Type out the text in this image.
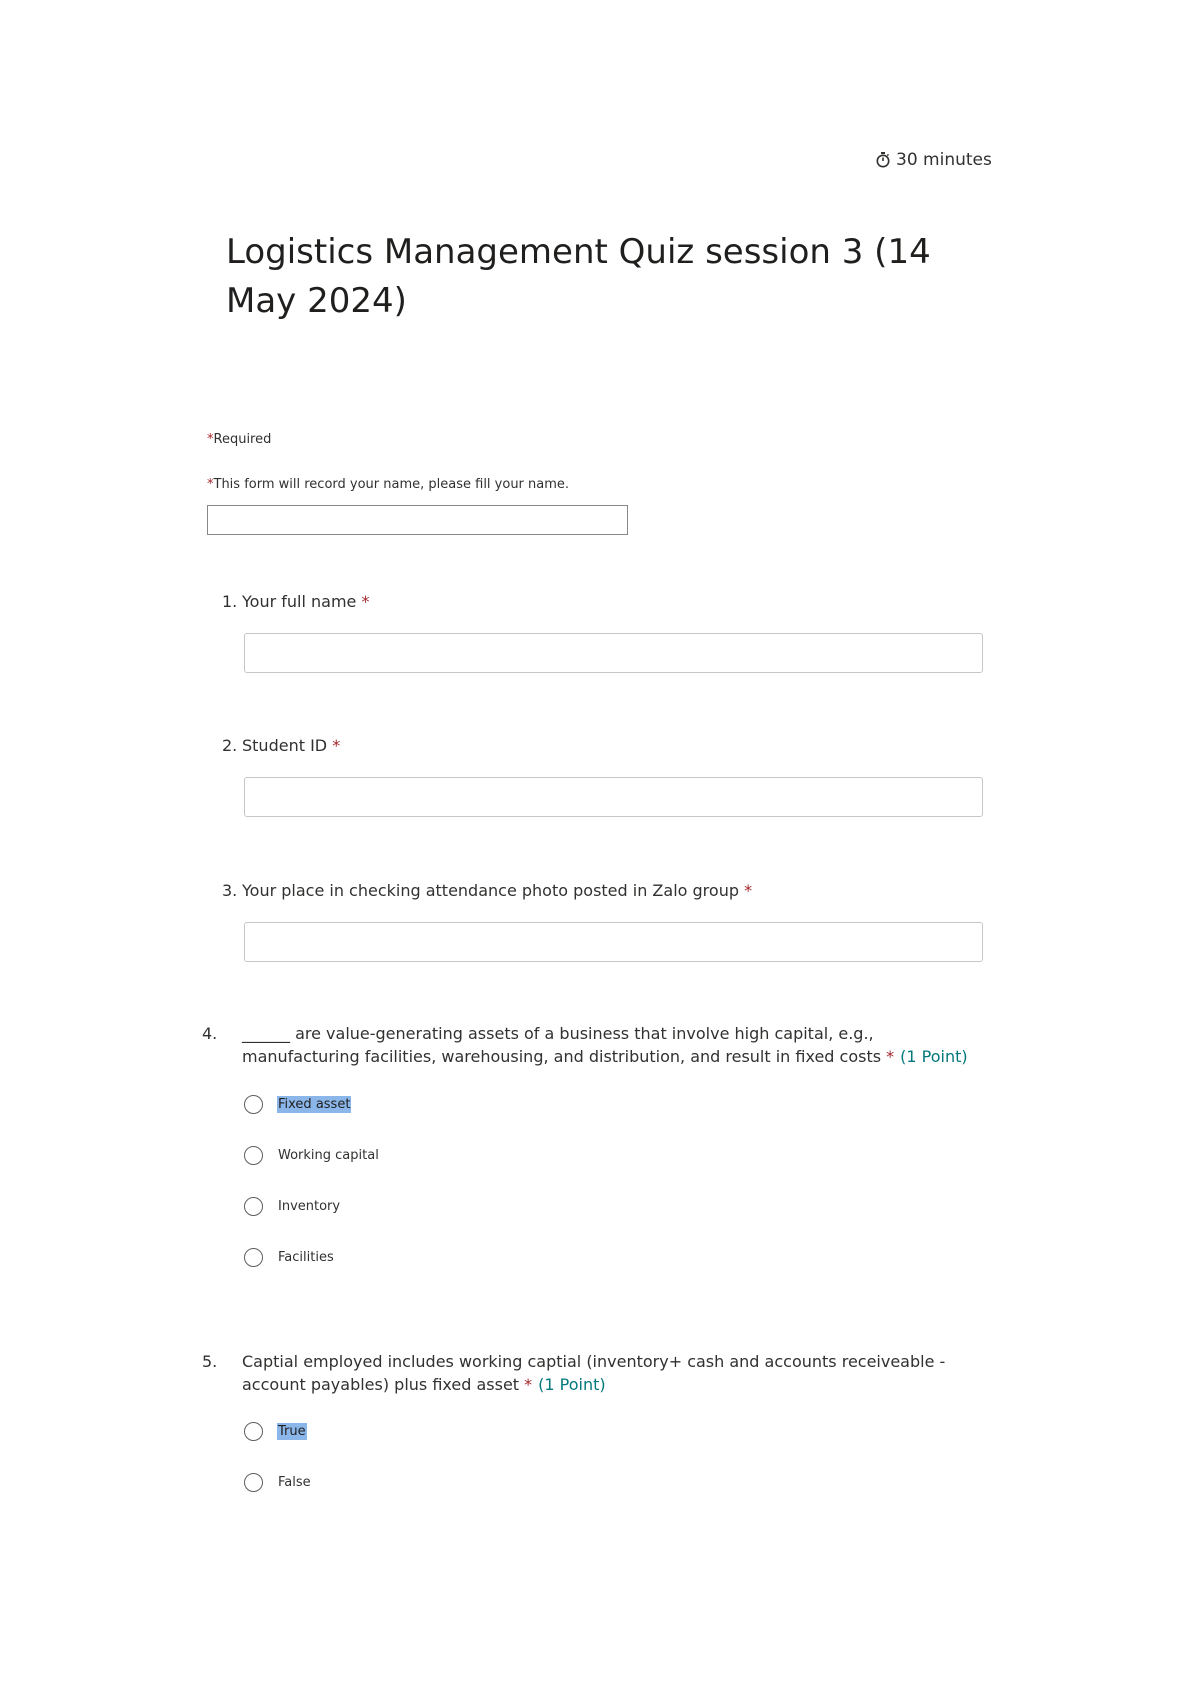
30 minutes
Logistics Management Quiz session 3 (14 May 2024)
*Required
*This form will record your name, please fill your name.
1. Your full name *
2. Student ID *
3. Your place in checking attendance photo posted in Zalo group *
4. ______ are value-generating assets of a business that involve high capital, e.g., manufacturing facilities, warehousing, and distribution, and result in fixed costs * (1 Point)
Fixed asset
Working capital
Inventory
Facilities
5. Captial employed includes working captial (inventory+ cash and accounts receiveable - account payables) plus fixed asset * (1 Point)
True
False
